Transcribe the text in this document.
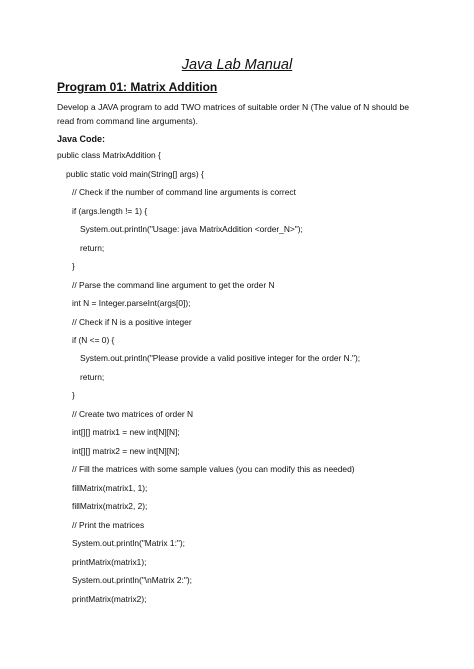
Java Lab Manual
Program 01: Matrix Addition
Develop a JAVA program to add TWO matrices of suitable order N (The value of N should be read from command line arguments).
Java Code:
public class MatrixAddition {
public static void main(String[] args) {
// Check if the number of command line arguments is correct
if (args.length != 1) {
System.out.println("Usage: java MatrixAddition <order_N>");
return;
}
// Parse the command line argument to get the order N
int N = Integer.parseInt(args[0]);
// Check if N is a positive integer
if (N <= 0) {
System.out.println("Please provide a valid positive integer for the order N.");
return;
}
// Create two matrices of order N
int[][] matrix1 = new int[N][N];
int[][] matrix2 = new int[N][N];
// Fill the matrices with some sample values (you can modify this as needed)
fillMatrix(matrix1, 1);
fillMatrix(matrix2, 2);
// Print the matrices
System.out.println("Matrix 1:");
printMatrix(matrix1);
System.out.println("\nMatrix 2:");
printMatrix(matrix2);
